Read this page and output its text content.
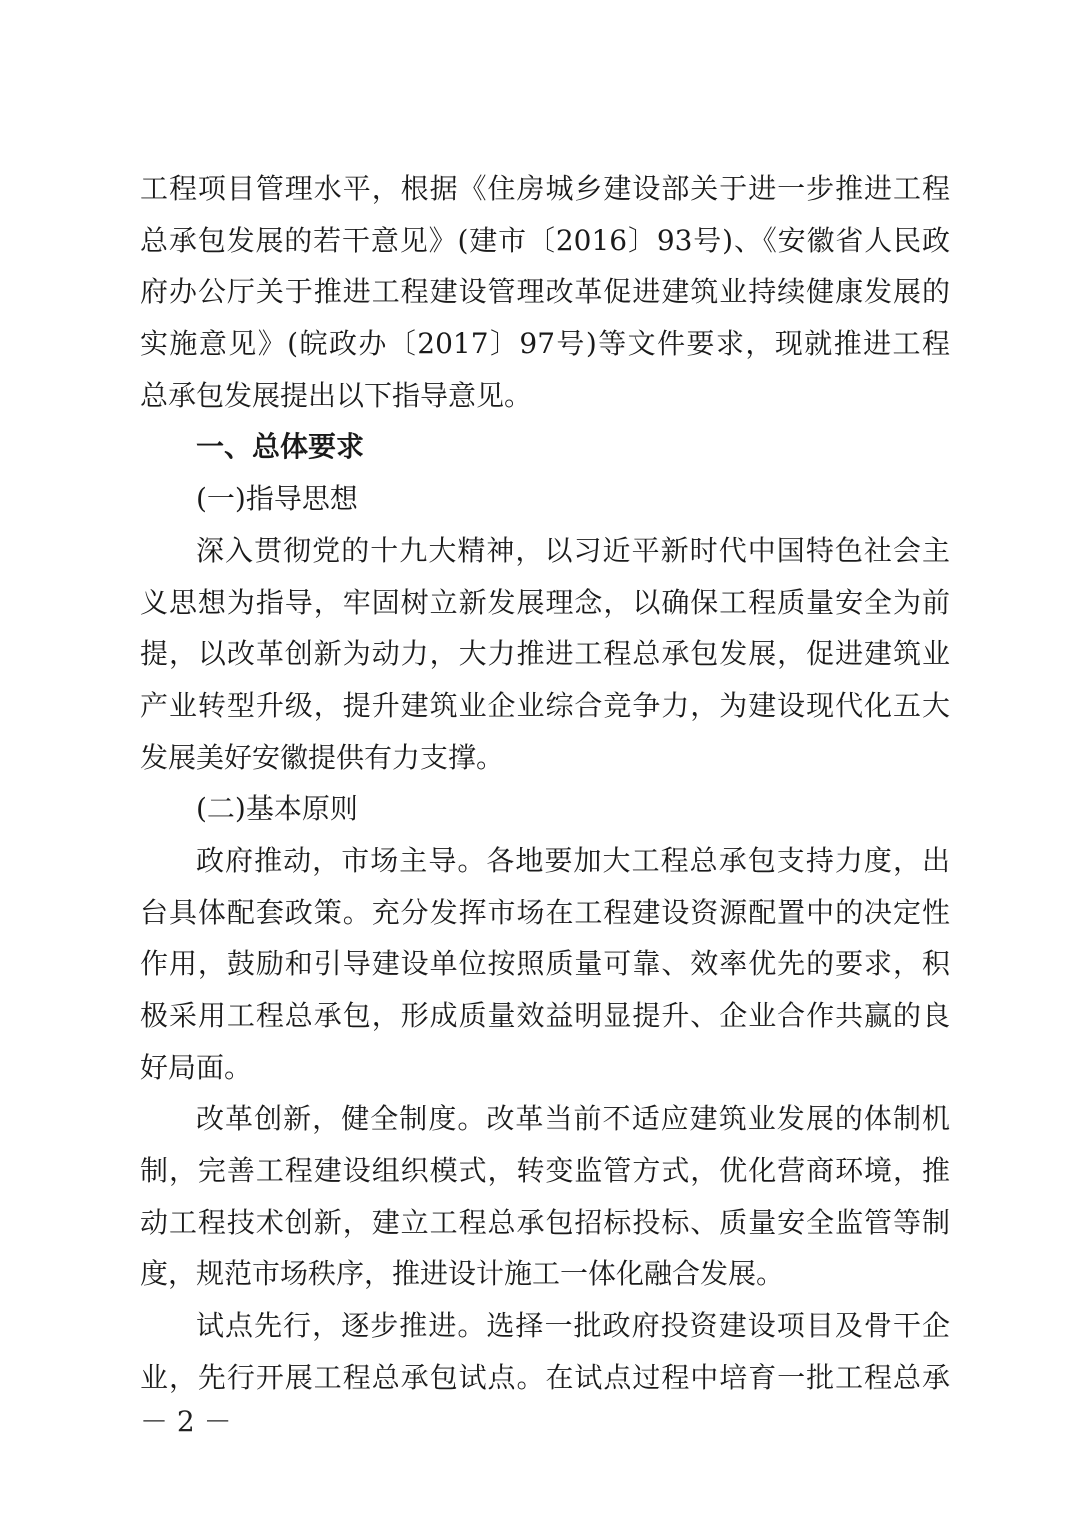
工程项目管理水平，根据《住房城乡建设部关于进一步推进工程
总承包发展的若干意见》(建市〔2016〕93号)、《安徽省人民政
府办公厅关于推进工程建设管理改革促进建筑业持续健康发展的
实施意见》(皖政办〔2017〕97号)等文件要求，现就推进工程
总承包发展提出以下指导意见。
一、总体要求
(一)指导思想
深入贯彻党的十九大精神，以习近平新时代中国特色社会主
义思想为指导，牢固树立新发展理念，以确保工程质量安全为前
提，以改革创新为动力，大力推进工程总承包发展，促进建筑业
产业转型升级，提升建筑业企业综合竞争力，为建设现代化五大
发展美好安徽提供有力支撑。
(二)基本原则
政府推动，市场主导。各地要加大工程总承包支持力度，出
台具体配套政策。充分发挥市场在工程建设资源配置中的决定性
作用，鼓励和引导建设单位按照质量可靠、效率优先的要求，积
极采用工程总承包，形成质量效益明显提升、企业合作共赢的良
好局面。
改革创新，健全制度。改革当前不适应建筑业发展的体制机
制，完善工程建设组织模式，转变监管方式，优化营商环境，推
动工程技术创新，建立工程总承包招标投标、质量安全监管等制
度，规范市场秩序，推进设计施工一体化融合发展。
试点先行，逐步推进。选择一批政府投资建设项目及骨干企
业，先行开展工程总承包试点。在试点过程中培育一批工程总承
－ 2 －
